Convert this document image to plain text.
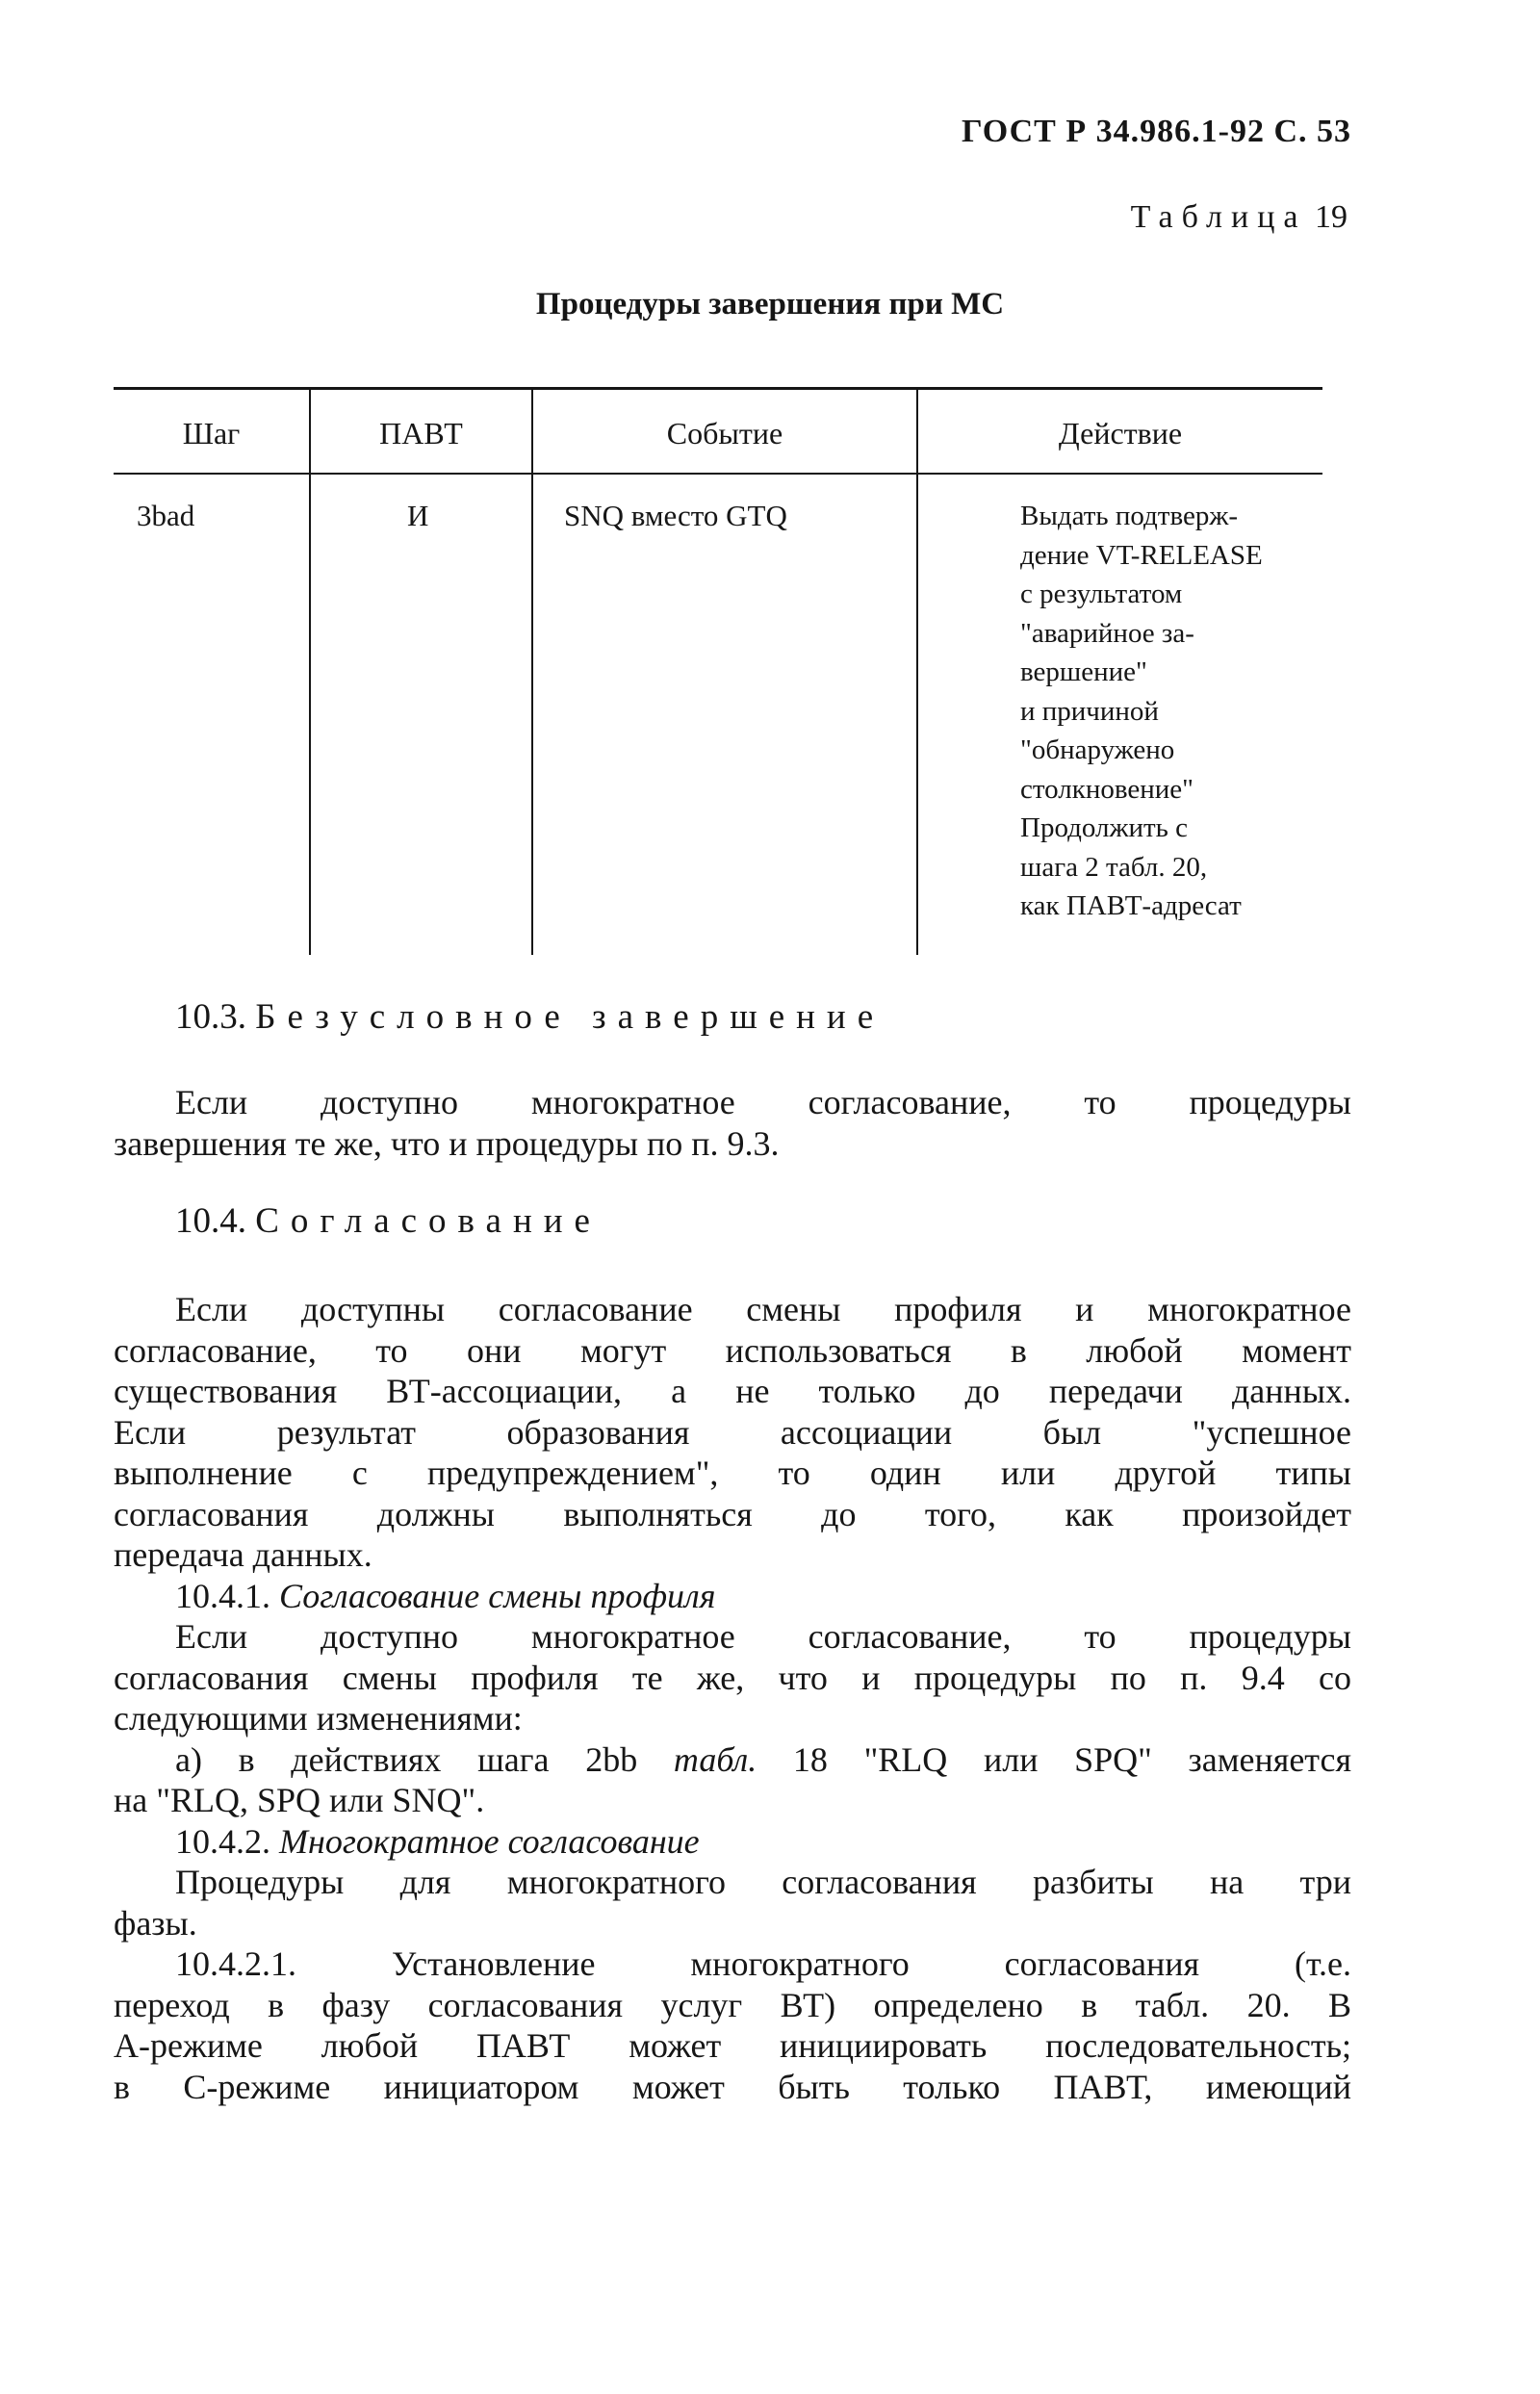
ГОСТ Р 34.986.1-92 С. 53
Таблица 19
Процедуры завершения при МС
Шаг	ПАВТ	Событие	Действие
3bad	И	SNQ вместо GTQ	Выдать подтверж-
дение VT-RELEASE
с результатом
"аварийное за-
вершение"
и причиной
"обнаружено
столкновение"
Продолжить с
шага 2 табл. 20,
как ПАВТ-адресат
10.3. Безусловное завершение
Если доступно многократное согласование, то процедуры
завершения те же, что и процедуры по п. 9.3.
10.4. Согласование
Если доступны согласование смены профиля и многократное
согласование, то они могут использоваться в любой момент
существования ВТ-ассоциации, а не только до передачи данных.
Если результат образования ассоциации был "успешное
выполнение с предупреждением", то один или другой типы
согласования должны выполняться до того, как произойдет
передача данных.
10.4.1. Согласование смены профиля
Если доступно многократное согласование, то процедуры
согласования смены профиля те же, что и процедуры по п. 9.4 со
следующими изменениями:
а) в действиях шага 2bb табл. 18 "RLQ или SPQ" заменяется
на "RLQ, SPQ или SNQ".
10.4.2. Многократное согласование
Процедуры для многократного согласования разбиты на три
фазы.
10.4.2.1. Установление многократного согласования (т.е.
переход в фазу согласования услуг ВТ) определено в табл. 20. В
А-режиме любой ПАВТ может инициировать последовательность;
в С-режиме инициатором может быть только ПАВТ, имеющий
